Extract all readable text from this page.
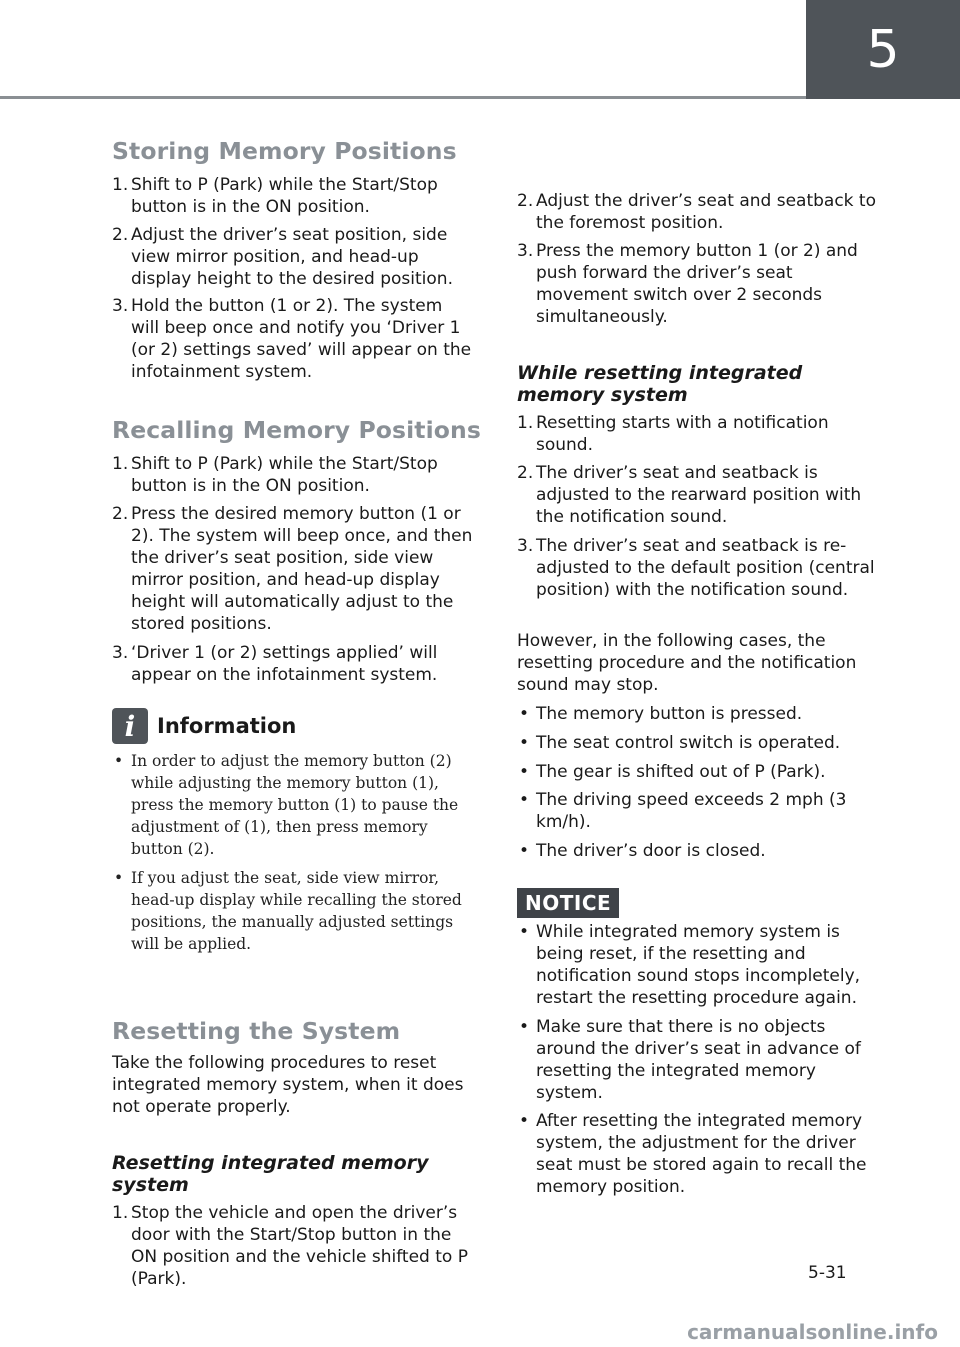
5
Storing Memory Positions
1. Shift to P (Park) while the Start/Stop button is in the ON position.
2. Adjust the driver’s seat position, side view mirror position, and head-up display height to the desired position.
3. Hold the button (1 or 2). The system will beep once and notify you ‘Driver 1 (or 2) settings saved’ will appear on the infotainment system.
Recalling Memory Positions
1. Shift to P (Park) while the Start/Stop button is in the ON position.
2. Press the desired memory button (1 or 2). The system will beep once, and then the driver’s seat position, side view mirror position, and head-up display height will automatically adjust to the stored positions.
3. ‘Driver 1 (or 2) settings applied’ will appear on the infotainment system.
i	Information
• In order to adjust the memory button (2) while adjusting the memory button (1), press the memory button (1) to pause the adjustment of (1), then press memory button (2).
• If you adjust the seat, side view mirror, head-up display while recalling the stored positions, the manually adjusted settings will be applied.
Resetting the System
Take the following procedures to reset integrated memory system, when it does not operate properly.
Resetting integrated memory system
1. Stop the vehicle and open the driver’s door with the Start/Stop button in the ON position and the vehicle shifted to P (Park).
2. Adjust the driver’s seat and seatback to the foremost position.
3. Press the memory button 1 (or 2) and push forward the driver’s seat movement switch over 2 seconds simultaneously.
While resetting integrated memory system
1. Resetting starts with a notification sound.
2. The driver’s seat and seatback is adjusted to the rearward position with the notification sound.
3. The driver’s seat and seatback is re-adjusted to the default position (central position) with the notification sound.
However, in the following cases, the resetting procedure and the notification sound may stop.
• The memory button is pressed.
• The seat control switch is operated.
• The gear is shifted out of P (Park).
• The driving speed exceeds 2 mph (3 km/h).
• The driver’s door is closed.
NOTICE
• While integrated memory system is being reset, if the resetting and notification sound stops incompletely, restart the resetting procedure again.
• Make sure that there is no objects around the driver’s seat in advance of resetting the integrated memory system.
• After resetting the integrated memory system, the adjustment for the driver seat must be stored again to recall the memory position.
5-31
carmanualsonline.info
